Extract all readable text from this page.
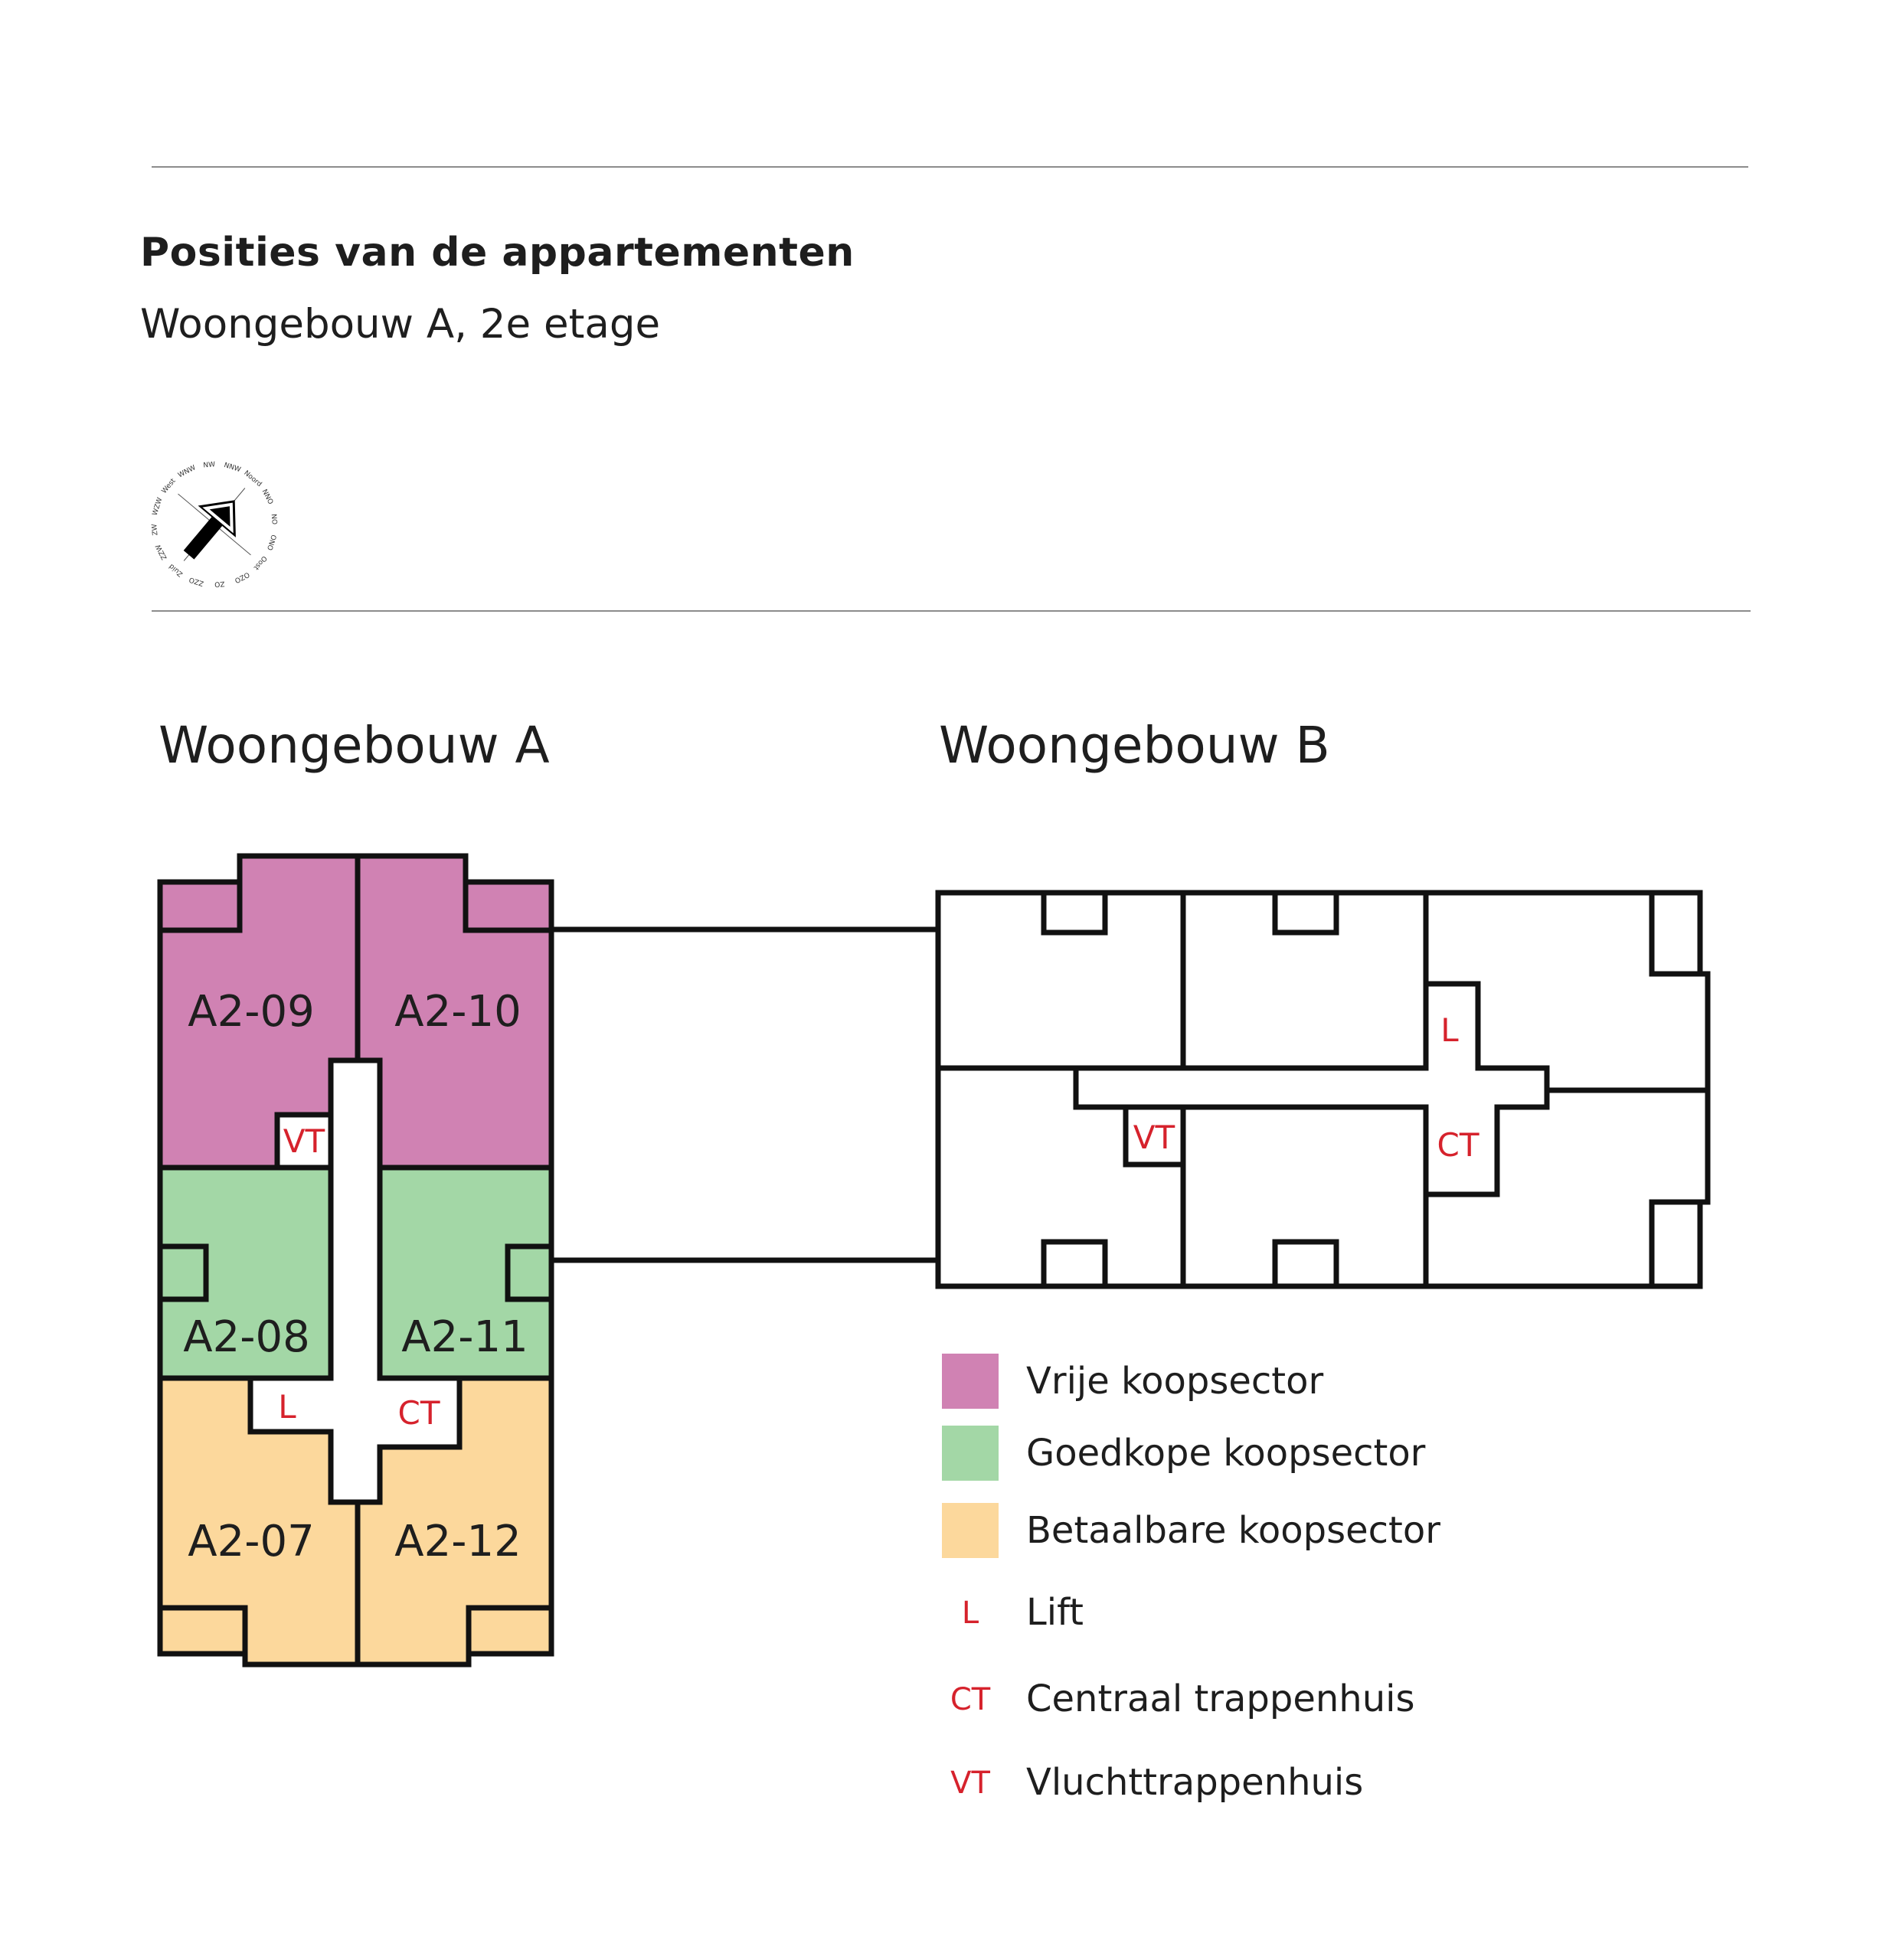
Posities van de appartementen
Woongebouw A, 2e etage
Noord
NNO
NO
ONO
Oost
OZO
ZO
ZZO
Zuid
ZZW
ZW
WZW
West
WNW NW NNW
Woongebouw A	Woongebouw B
A2-09 A2-10
A2-08 A2-11
A2-07 A2-12
VT
L	CT
L
CT
VT
Vrije koopsector
Goedkope koopsector
Betaalbare koopsector
L	Lift
CT Centraal trappenhuis
VT Vluchttrappenhuis
